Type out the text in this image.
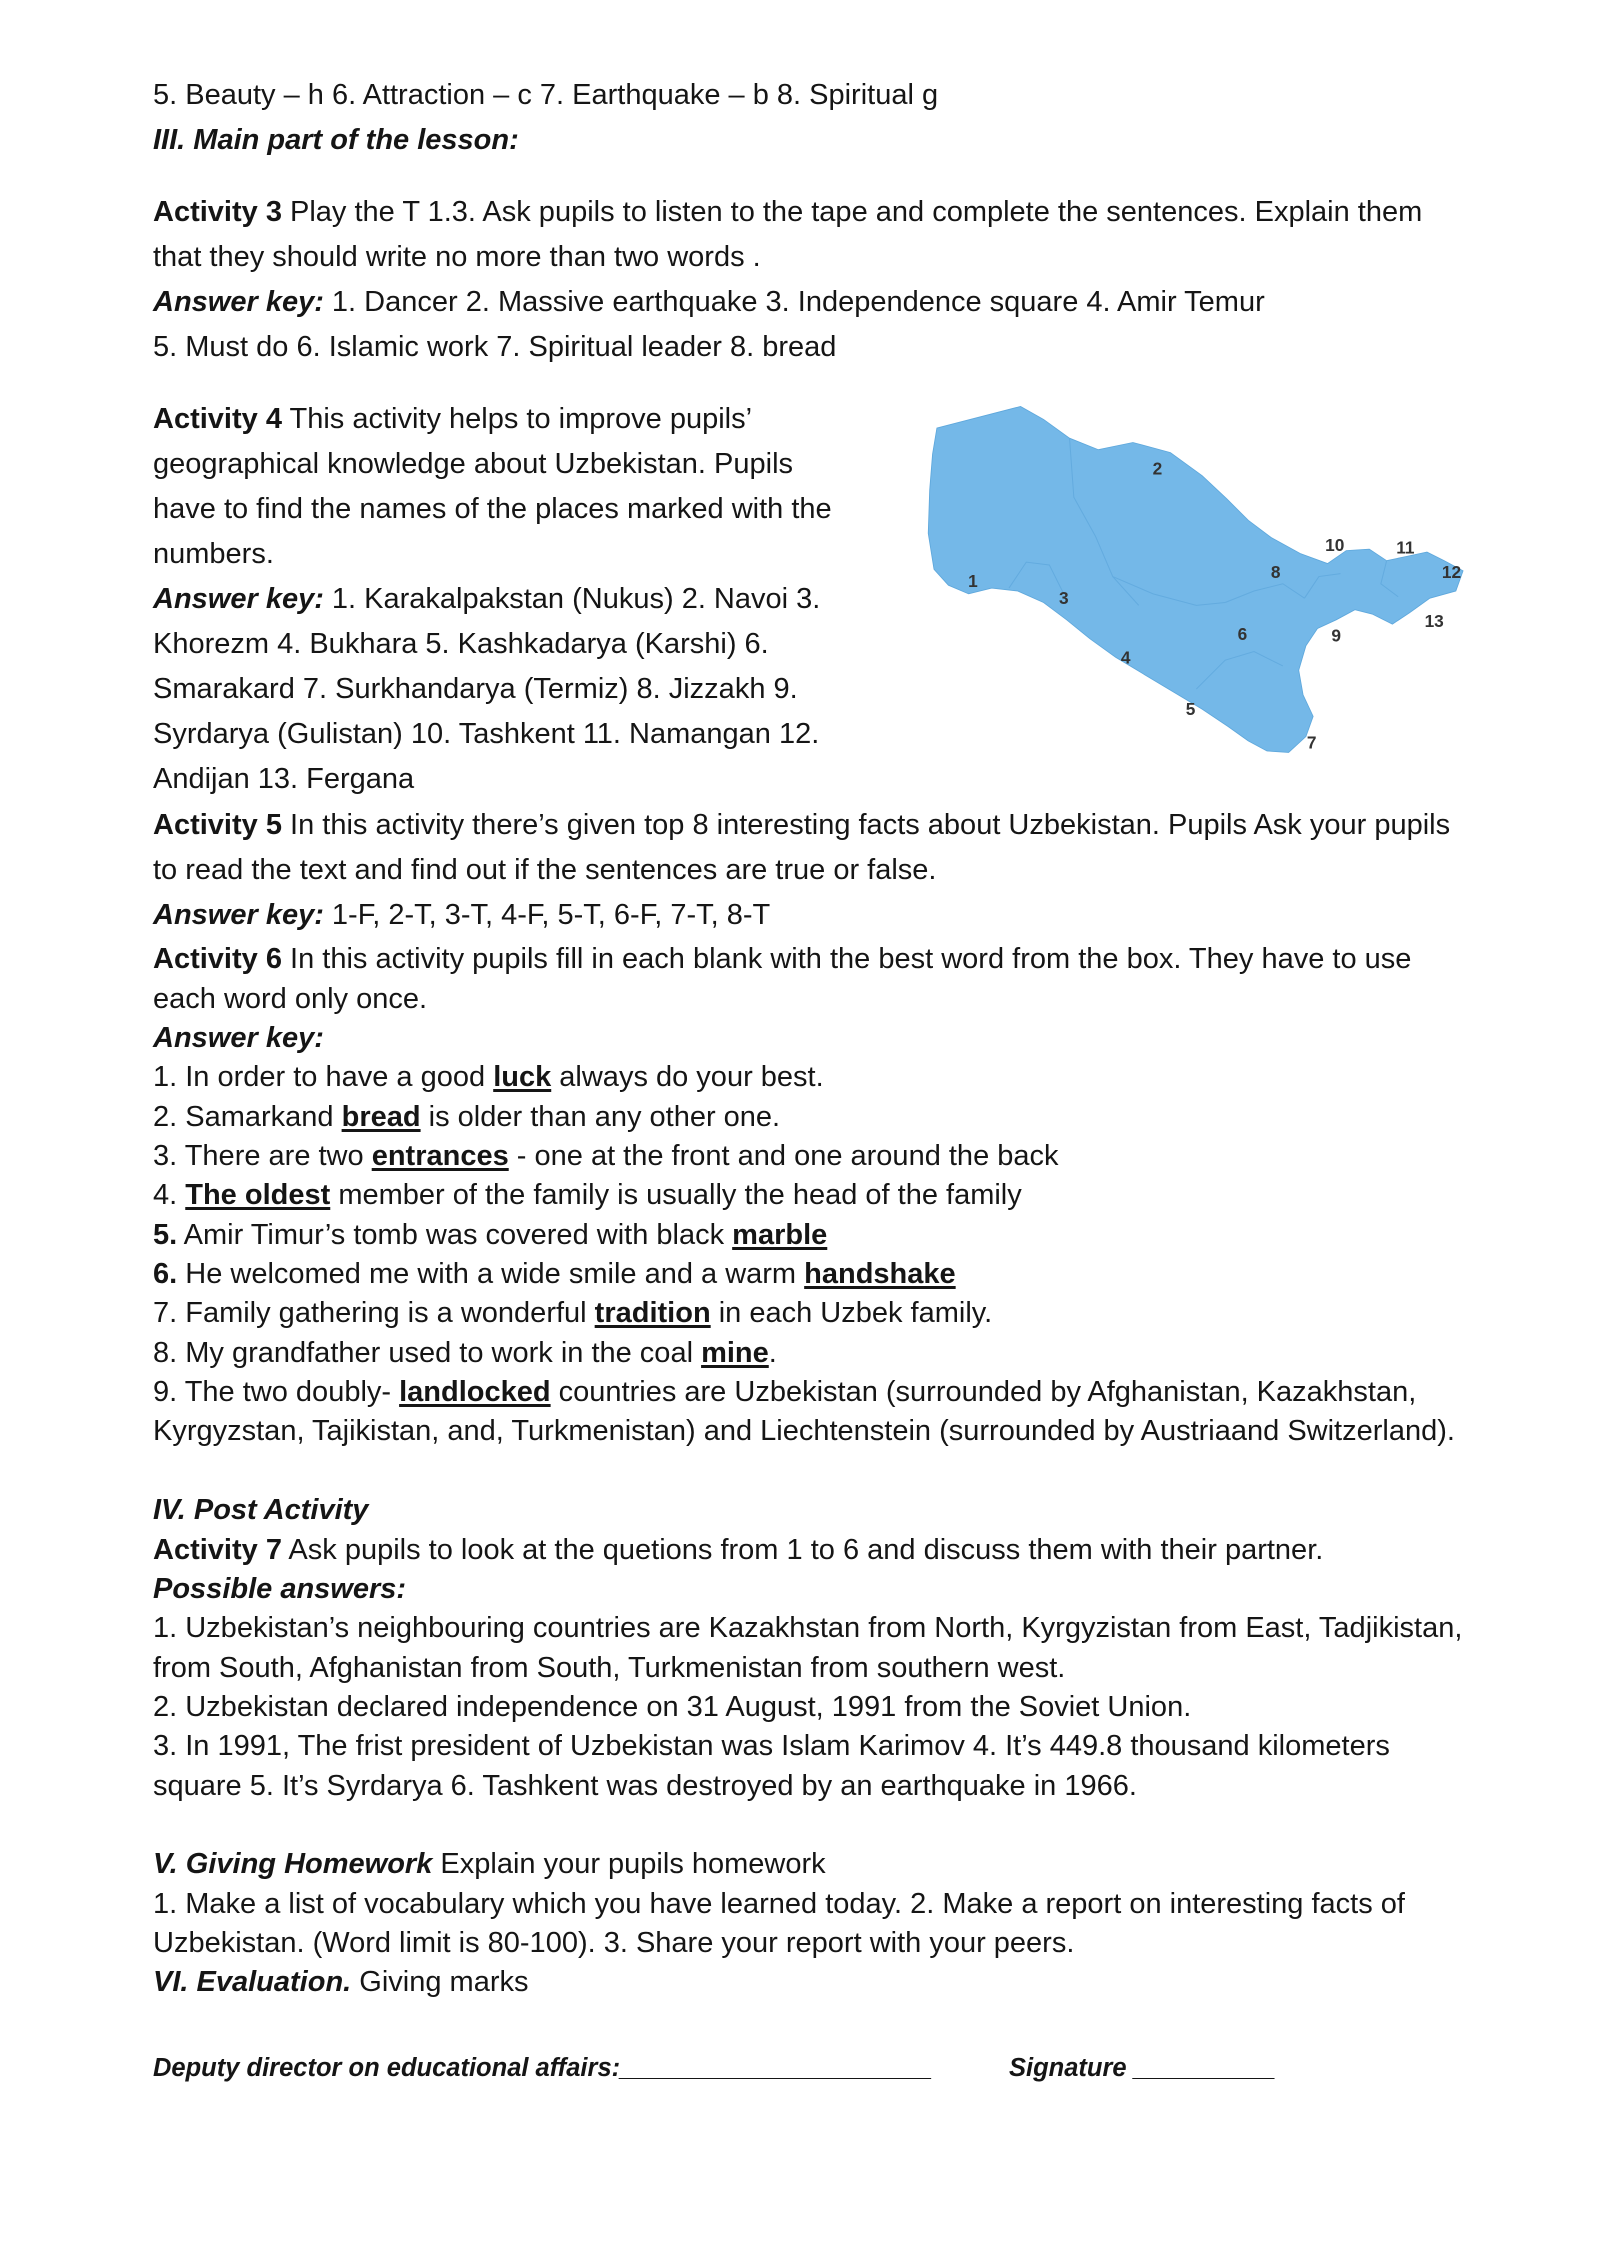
5. Beauty – h 6. Attraction – c 7. Earthquake – b 8. Spiritual g
III. Main part of the lesson:
Activity 3 Play the T 1.3. Ask pupils to listen to the tape and complete the sentences. Explain them
that they should write no more than two words .
Answer key: 1. Dancer 2. Massive earthquake 3. Independence square 4. Amir Temur
5. Must do 6. Islamic work 7. Spiritual leader 8. bread
Activity 4 This activity helps to improve pupils’
geographical knowledge about Uzbekistan. Pupils
have to find the names of the places marked with the
numbers.
Answer key: 1. Karakalpakstan (Nukus) 2. Navoi 3.
Khorezm 4. Bukhara 5. Kashkadarya (Karshi) 6.
Smarakard 7. Surkhandarya (Termiz) 8. Jizzakh 9.
Syrdarya (Gulistan) 10. Tashkent 11. Namangan 12.
Andijan 13. Fergana
1
2
3
4
5
6
7
8
9
10	11
12
13
Activity 5 In this activity there’s given top 8 interesting facts about Uzbekistan. Pupils Ask your pupils
to read the text and find out if the sentences are true or false.
Answer key: 1-F, 2-T, 3-T, 4-F, 5-T, 6-F, 7-T, 8-T
Activity 6 In this activity pupils fill in each blank with the best word from the box. They have to use
each word only once.
Answer key:
1. In order to have a good luck always do your best.
2. Samarkand bread is older than any other one.
3. There are two entrances - one at the front and one around the back
4. The oldest member of the family is usually the head of the family
5. Amir Timur’s tomb was covered with black marble
6. He welcomed me with a wide smile and a warm handshake
7. Family gathering is a wonderful tradition in each Uzbek family.
8. My grandfather used to work in the coal mine.
9. The two doubly- landlocked countries are Uzbekistan (surrounded by Afghanistan, Kazakhstan,
Kyrgyzstan, Tajikistan, and, Turkmenistan) and Liechtenstein (surrounded by Austriaand Switzerland).
IV. Post Activity
Activity 7 Ask pupils to look at the quetions from 1 to 6 and discuss them with their partner.
Possible answers:
1. Uzbekistan’s neighbouring countries are Kazakhstan from North, Kyrgyzistan from East, Tadjikistan,
from South, Afghanistan from South, Turkmenistan from southern west.
2. Uzbekistan declared independence on 31 August, 1991 from the Soviet Union.
3. In 1991, The frist president of Uzbekistan was Islam Karimov 4. It’s 449.8 thousand kilometers
square 5. It’s Syrdarya 6. Tashkent was destroyed by an earthquake in 1966.
V. Giving Homework Explain your pupils homework
1. Make a list of vocabulary which you have learned today. 2. Make a report on interesting facts of
Uzbekistan. (Word limit is 80-100). 3. Share your report with your peers.
VI. Evaluation. Giving marks
Deputy director on educational affairs:______________________	Signature __________
